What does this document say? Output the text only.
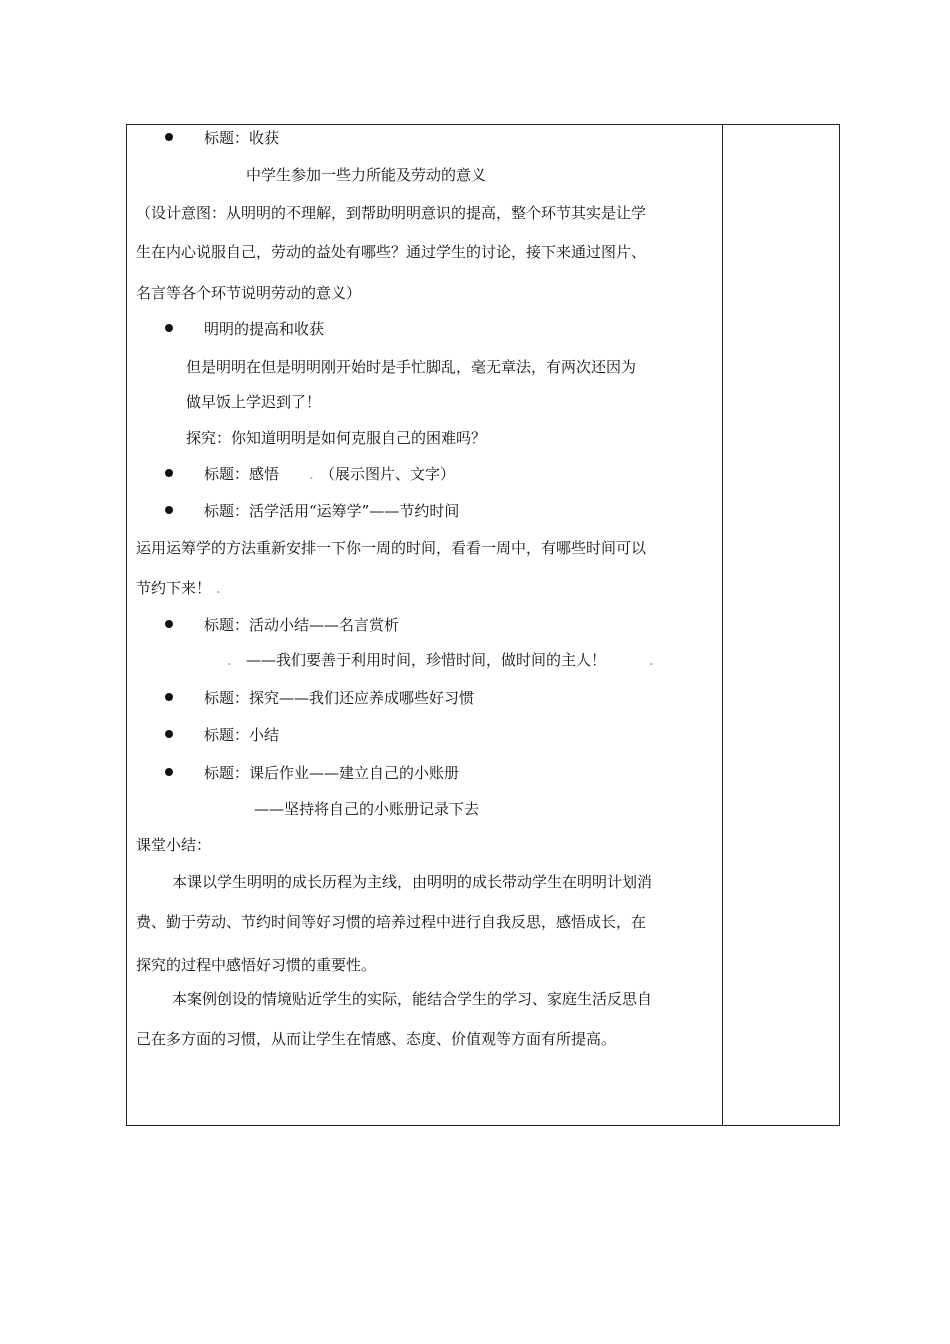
标题：收获
中学生参加一些力所能及劳动的意义
（设计意图：从明明的不理解，到帮助明明意识的提高，整个环节其实是让学
生在内心说服自己，劳动的益处有哪些？通过学生的讨论，接下来通过图片、
名言等各个环节说明劳动的意义）
明明的提高和收获
但是明明在但是明明刚开始时是手忙脚乱，毫无章法，有两次还因为
做早饭上学迟到了！
探究：你知道明明是如何克服自己的困难吗？
标题：感悟 . （展示图片、文字）
标题：活学活用“运筹学”——节约时间
运用运筹学的方法重新安排一下你一周的时间，看看一周中，有哪些时间可以
节约下来！ .
标题：活动小结——名言赏析
. ——我们要善于利用时间，珍惜时间，做时间的主人！	.
标题：探究——我们还应养成哪些好习惯
标题：小结
标题：课后作业——建立自己的小账册
——坚持将自己的小账册记录下去
课堂小结：
本课以学生明明的成长历程为主线，由明明的成长带动学生在明明计划消
费、勤于劳动、节约时间等好习惯的培养过程中进行自我反思，感悟成长，在
探究的过程中感悟好习惯的重要性。
本案例创设的情境贴近学生的实际，能结合学生的学习、家庭生活反思自
己在多方面的习惯，从而让学生在情感、态度、价值观等方面有所提高。
